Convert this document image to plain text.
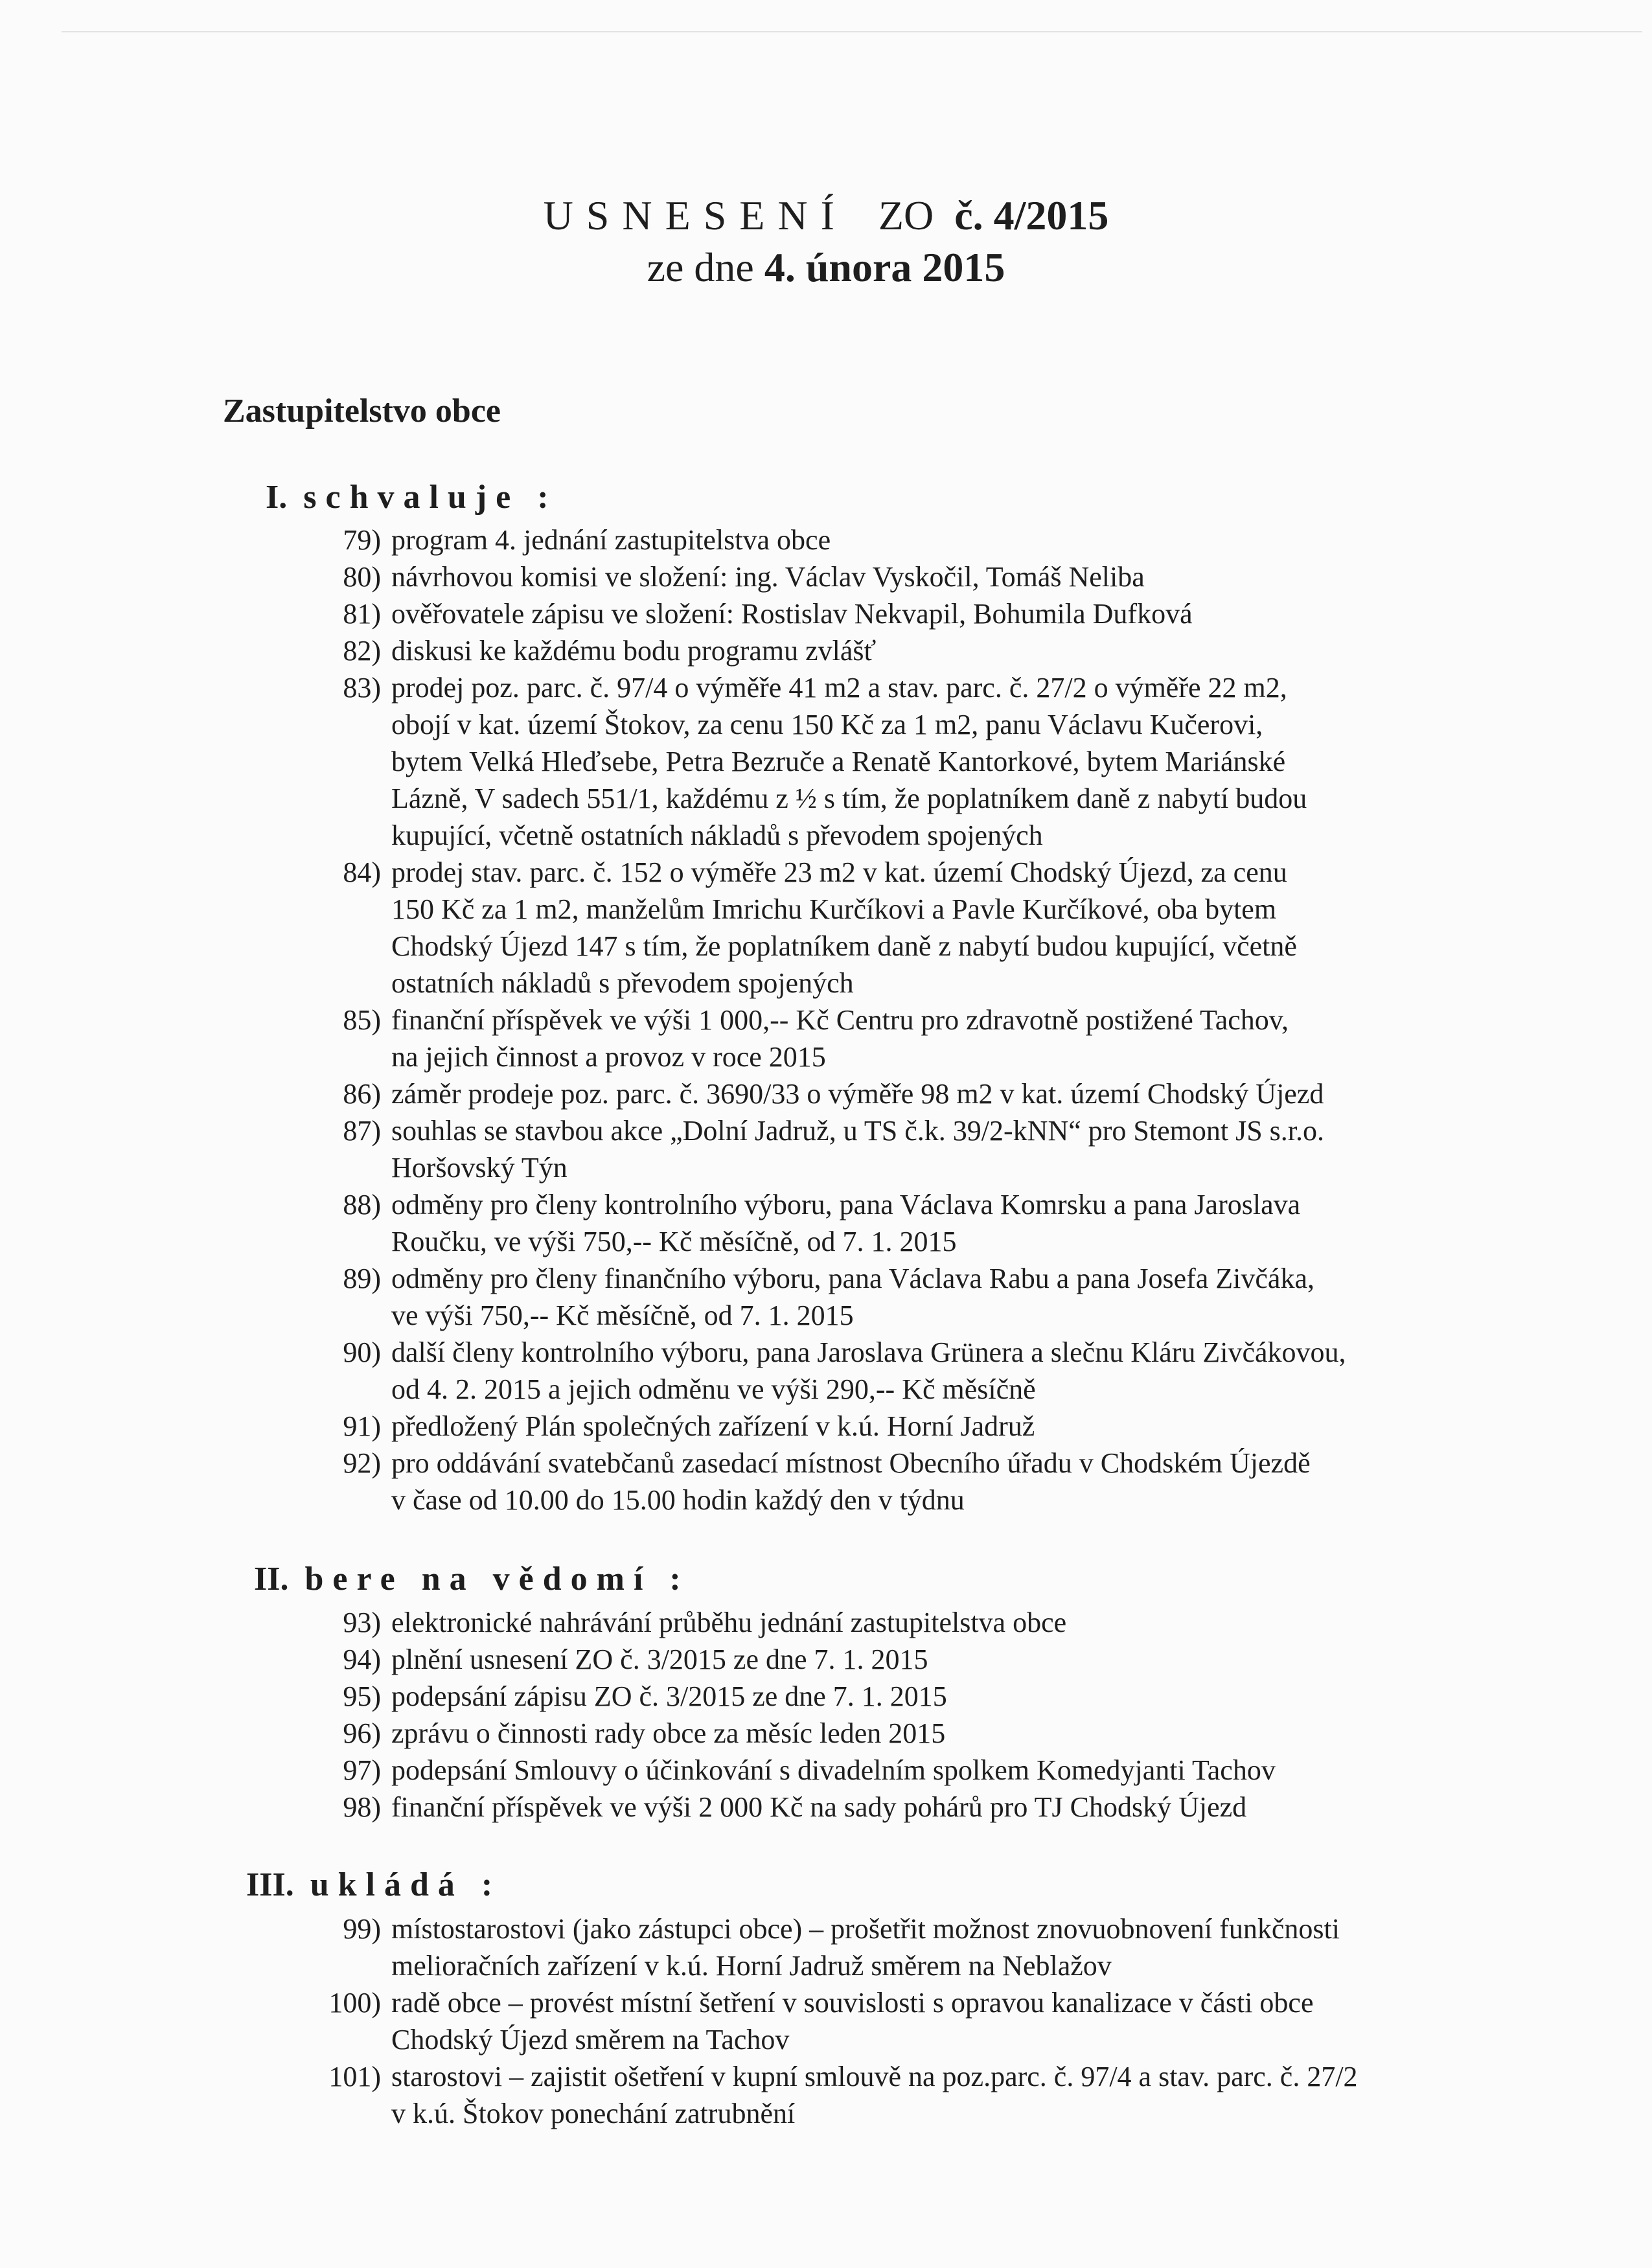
USNESENÍ ZO č. 4/2015
ze dne 4. února 2015
Zastupitelstvo obce
I. schvaluje :
79) program 4. jednání zastupitelstva obce
80) návrhovou komisi ve složení: ing. Václav Vyskočil, Tomáš Neliba
81) ověřovatele zápisu ve složení: Rostislav Nekvapil, Bohumila Dufková
82) diskusi ke každému bodu programu zvlášť
83) prodej poz. parc. č. 97/4 o výměře 41 m2 a stav. parc. č. 27/2 o výměře 22 m2,
obojí v kat. území Štokov, za cenu 150 Kč za 1 m2, panu Václavu Kučerovi,
bytem Velká Hleďsebe, Petra Bezruče a Renatě Kantorkové, bytem Mariánské
Lázně, V sadech 551/1, každému z ½ s tím, že poplatníkem daně z nabytí budou
kupující, včetně ostatních nákladů s převodem spojených
84) prodej stav. parc. č. 152 o výměře 23 m2 v kat. území Chodský Újezd, za cenu
150 Kč za 1 m2, manželům Imrichu Kurčíkovi a Pavle Kurčíkové, oba bytem
Chodský Újezd 147 s tím, že poplatníkem daně z nabytí budou kupující, včetně
ostatních nákladů s převodem spojených
85) finanční příspěvek ve výši 1 000,-- Kč Centru pro zdravotně postižené Tachov,
na jejich činnost a provoz v roce 2015
86) záměr prodeje poz. parc. č. 3690/33 o výměře 98 m2 v kat. území Chodský Újezd
87) souhlas se stavbou akce „Dolní Jadruž, u TS č.k. 39/2-kNN“ pro Stemont JS s.r.o.
Horšovský Týn
88) odměny pro členy kontrolního výboru, pana Václava Komrsku a pana Jaroslava
Roučku, ve výši 750,-- Kč měsíčně, od 7. 1. 2015
89) odměny pro členy finančního výboru, pana Václava Rabu a pana Josefa Zivčáka,
ve výši 750,-- Kč měsíčně, od 7. 1. 2015
90) další členy kontrolního výboru, pana Jaroslava Grünera a slečnu Kláru Zivčákovou,
od 4. 2. 2015 a jejich odměnu ve výši 290,-- Kč měsíčně
91) předložený Plán společných zařízení v k.ú. Horní Jadruž
92) pro oddávání svatebčanů zasedací místnost Obecního úřadu v Chodském Újezdě
v čase od 10.00 do 15.00 hodin každý den v týdnu
II. bere na vědomí :
93) elektronické nahrávání průběhu jednání zastupitelstva obce
94) plnění usnesení ZO č. 3/2015 ze dne 7. 1. 2015
95) podepsání zápisu ZO č. 3/2015 ze dne 7. 1. 2015
96) zprávu o činnosti rady obce za měsíc leden 2015
97) podepsání Smlouvy o účinkování s divadelním spolkem Komedyjanti Tachov
98) finanční příspěvek ve výši 2 000 Kč na sady pohárů pro TJ Chodský Újezd
III. ukládá :
99) místostarostovi (jako zástupci obce) – prošetřit možnost znovuobnovení funkčnosti
melioračních zařízení v k.ú. Horní Jadruž směrem na Neblažov
100) radě obce – provést místní šetření v souvislosti s opravou kanalizace v části obce
Chodský Újezd směrem na Tachov
101) starostovi – zajistit ošetření v kupní smlouvě na poz.parc. č. 97/4 a stav. parc. č. 27/2
v k.ú. Štokov ponechání zatrubnění
